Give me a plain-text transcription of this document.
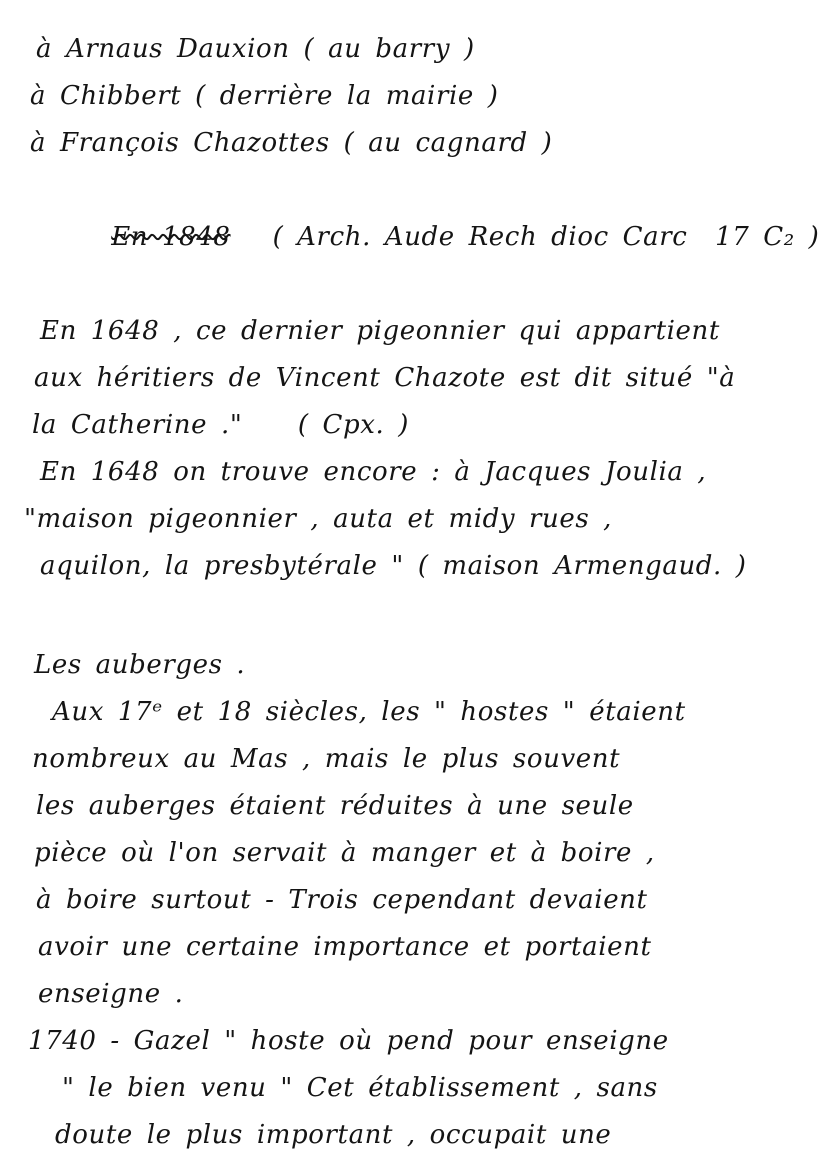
à Arnaus Dauxion ( au barry )
à Chibbert ( derrière la mairie )
à François Chazottes ( au cagnard )

En 1848 ( Arch. Aude Rech dioc Carc  17 C₂ )

En 1648 , ce dernier pigeonnier qui appartient
aux héritiers de Vincent Chazote est dit situé "à
la Catherine ."    ( Cpx. )
En 1648 on trouve encore : à Jacques Joulia ,
"maison pigeonnier , auta et midy rues ,
aquilon, la presbytérale " ( maison Armengaud. )
Les auberges .
Aux 17ᵉ et 18 siècles, les " hostes " étaient
nombreux au Mas , mais le plus souvent
les auberges étaient réduites à une seule
pièce où l'on servait à manger et à boire ,
à boire surtout - Trois cependant devaient
avoir une certaine importance et portaient
enseigne .
1740 - Gazel " hoste où pend pour enseigne
" le bien venu " Cet établissement , sans
doute le plus important , occupait une
